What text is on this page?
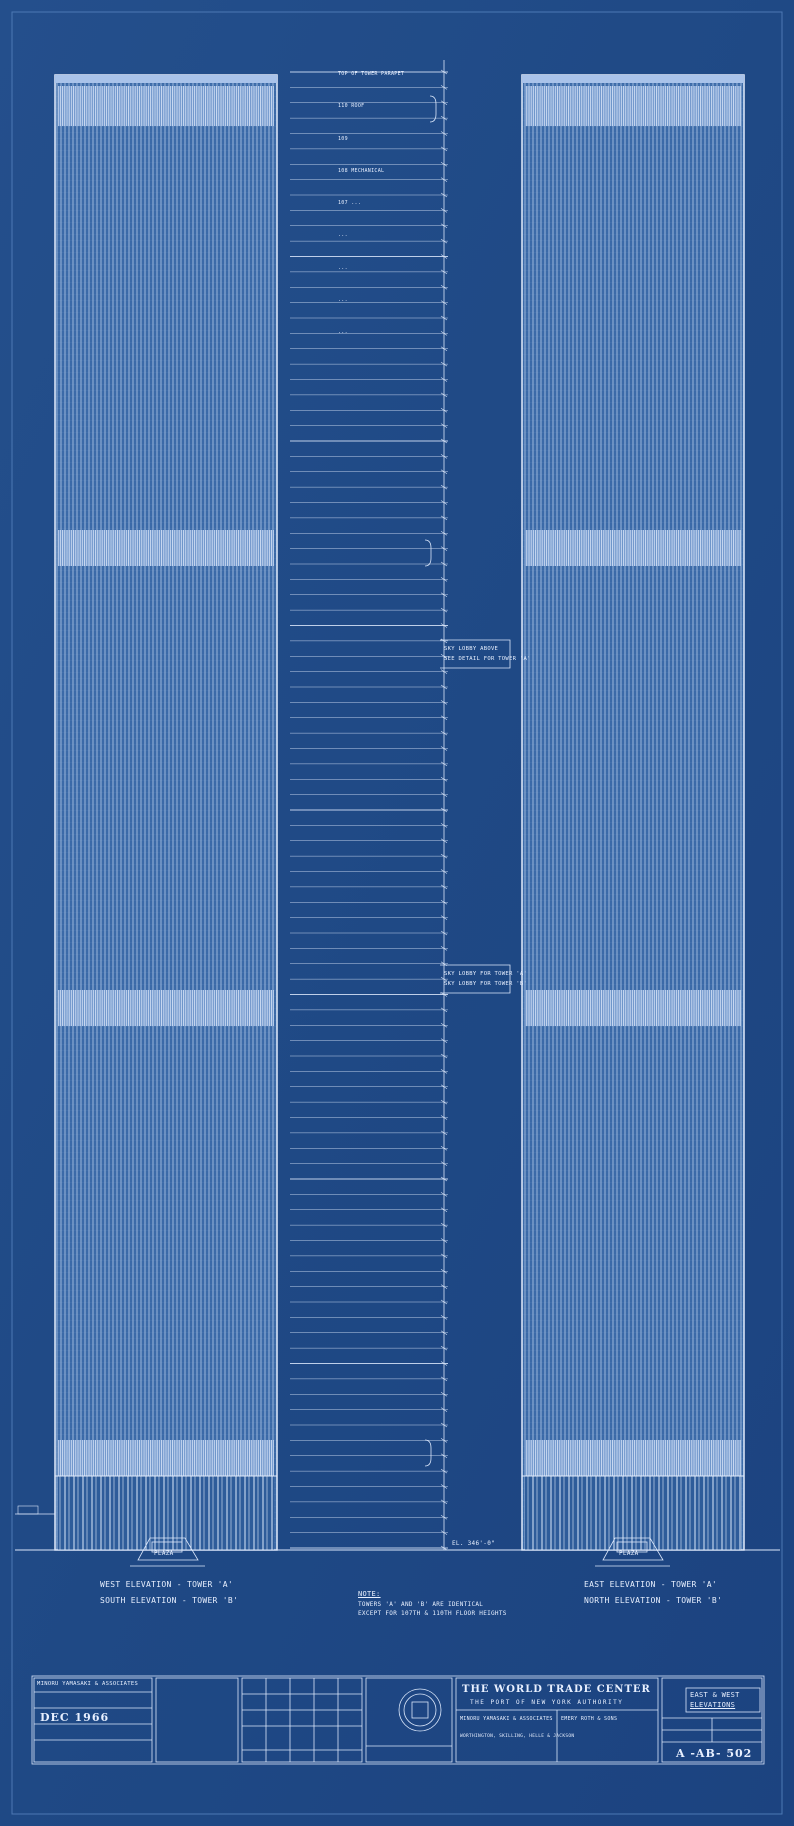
WEST ELEVATION - TOWER 'A'
SOUTH ELEVATION - TOWER 'B'
EAST ELEVATION - TOWER 'A'
NORTH ELEVATION - TOWER 'B'
NOTE:
TOWERS 'A' AND 'B' ARE IDENTICAL
EXCEPT FOR 107TH & 110TH FLOOR HEIGHTS
PLAZA	PLAZA
EL. 346'-0"
SKY LOBBY ABOVE
SEE DETAIL FOR TOWER 'A'
SKY LOBBY FOR TOWER 'A'
SKY LOBBY FOR TOWER 'B'
MINORU YAMASAKI & ASSOCIATES
DEC 1966
THE WORLD TRADE CENTER
THE PORT OF NEW YORK AUTHORITY
MINORU YAMASAKI & ASSOCIATES EMERY ROTH & SONS
WORTHINGTON, SKILLING, HELLE & JACKSON
EAST & WEST
ELEVATIONS
A -AB- 502
TOP OF TOWER PARAPET
110 ROOF
109
108 MECHANICAL
107 ...
...
...
...
...
